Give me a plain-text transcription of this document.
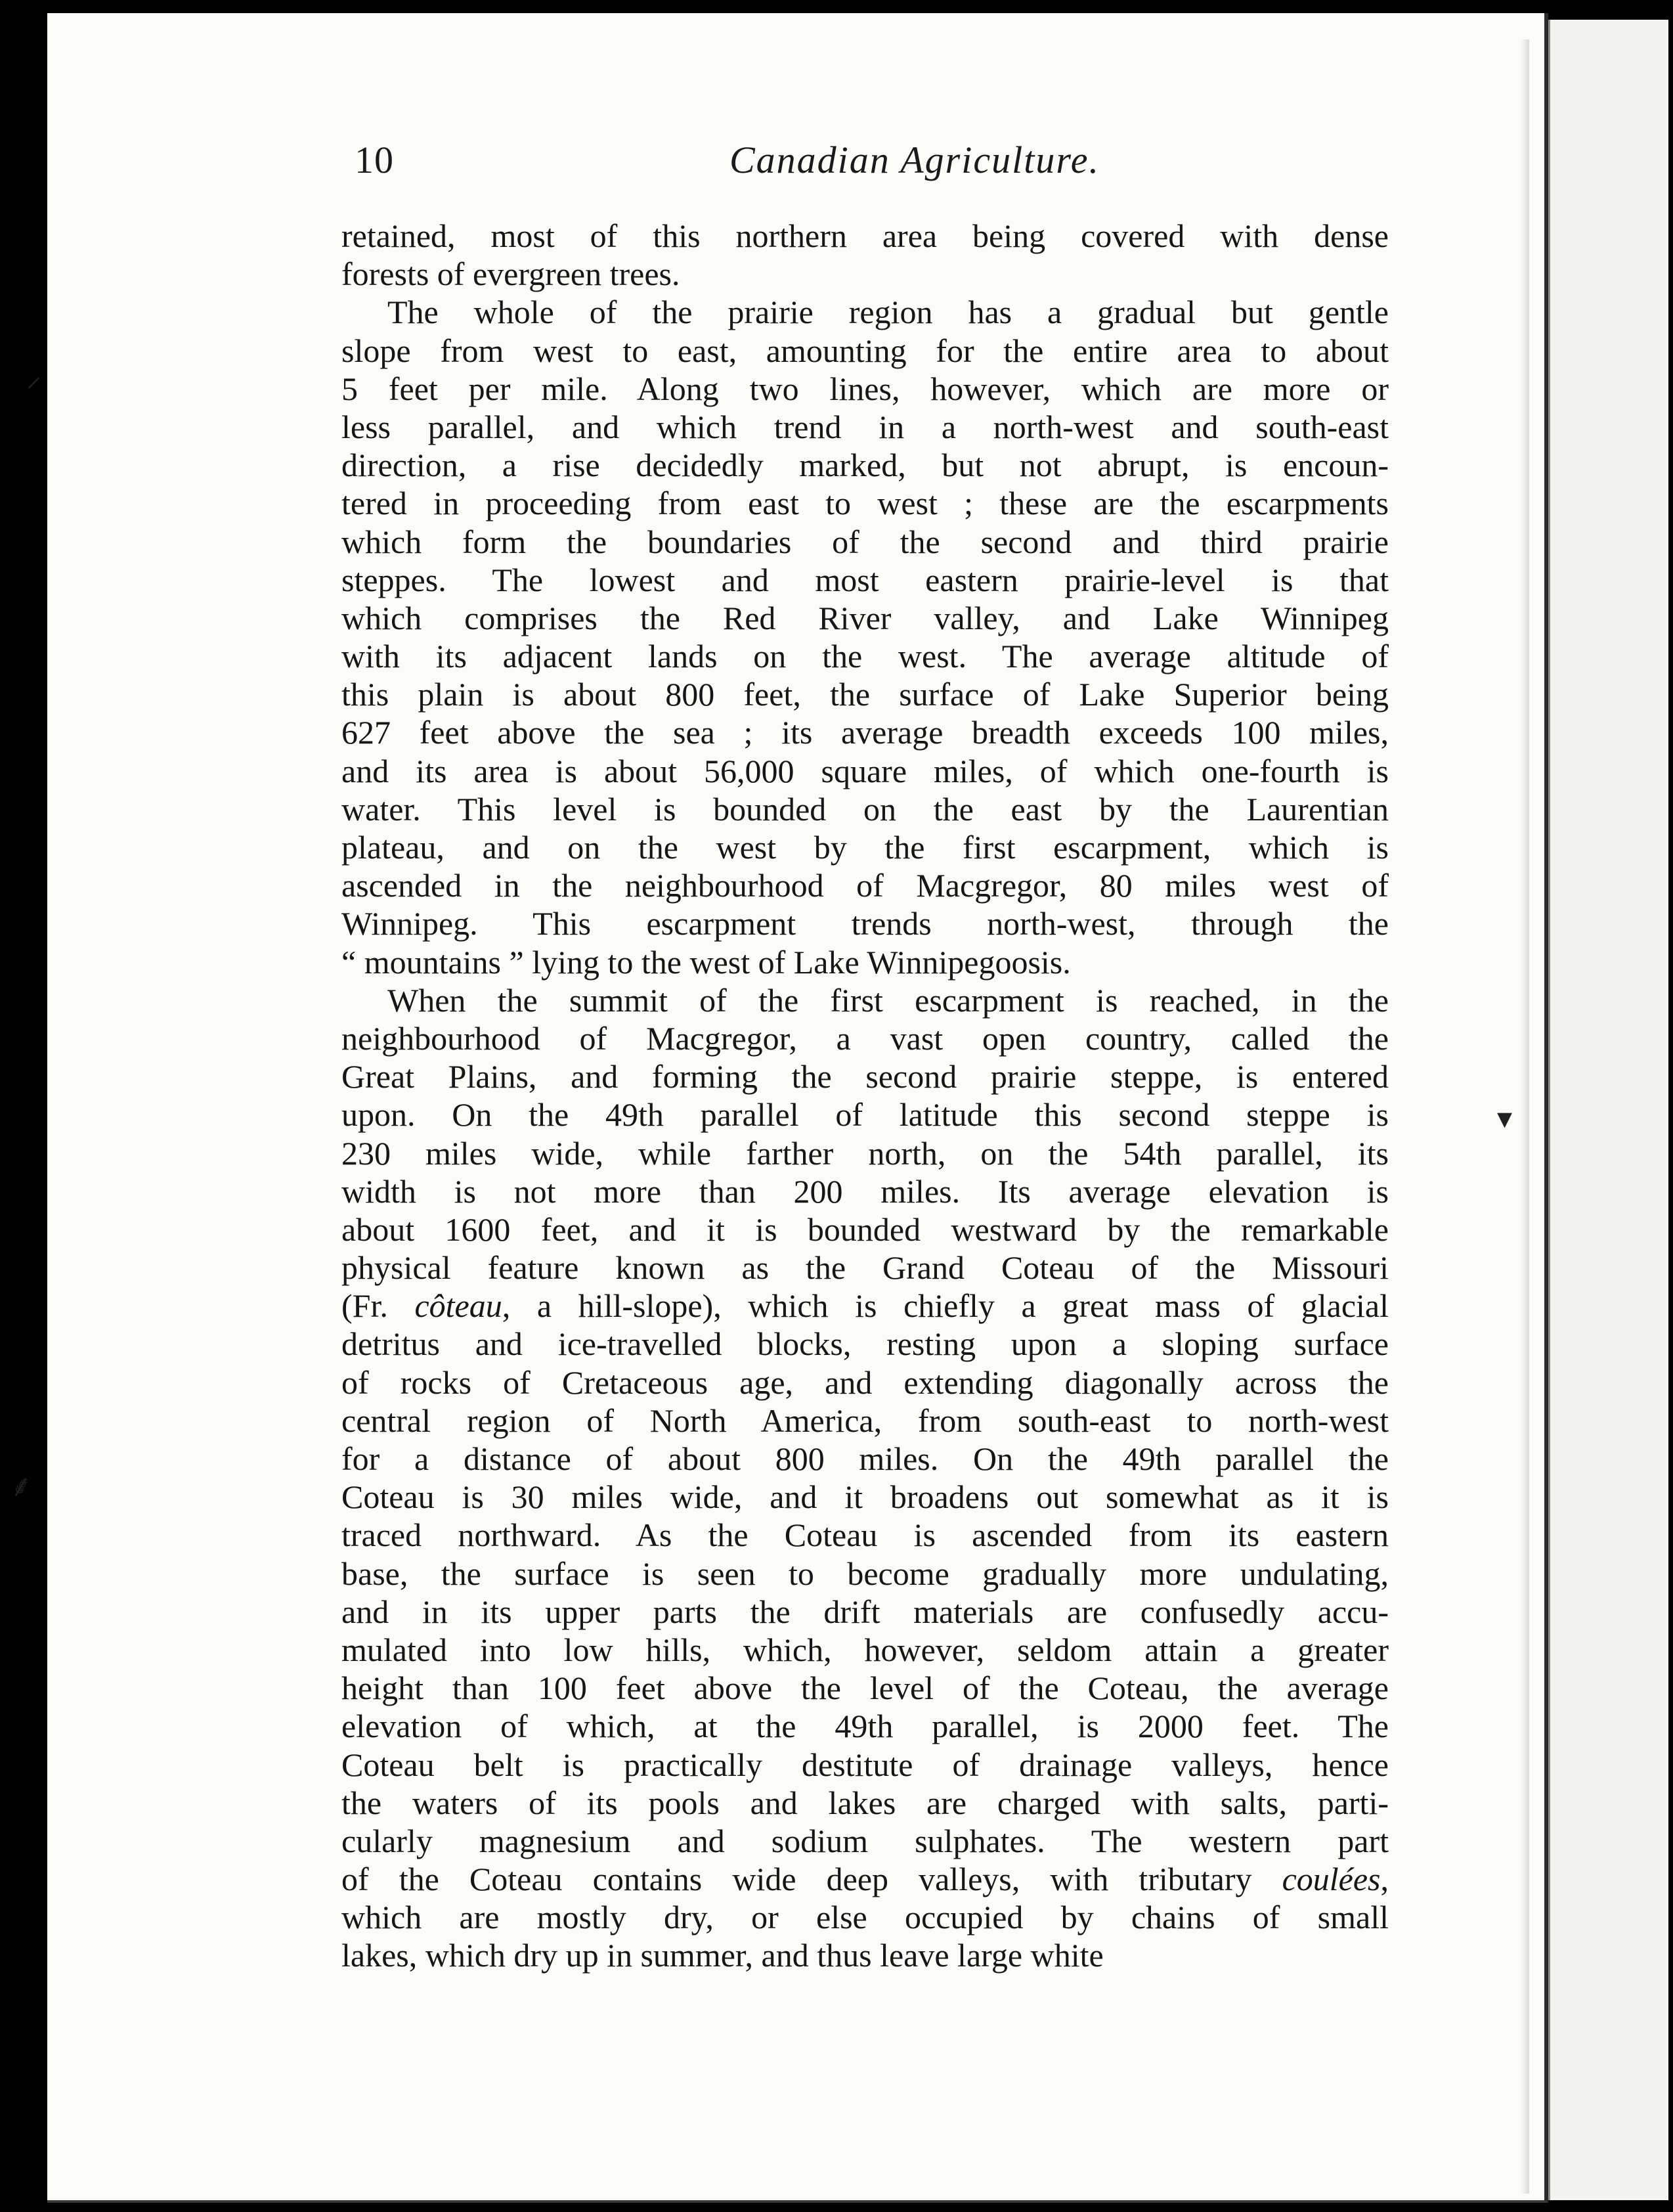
10	Canadian Agriculture.
retained, most of this northern area being covered with dense
forests of evergreen trees.
The whole of the prairie region has a gradual but gentle
slope from west to east, amounting for the entire area to about
5 feet per mile. Along two lines, however, which are more or
less parallel, and which trend in a north-west and south-east
direction, a rise decidedly marked, but not abrupt, is encoun-
tered in proceeding from east to west ; these are the escarpments
which form the boundaries of the second and third prairie
steppes. The lowest and most eastern prairie-level is that
which comprises the Red River valley, and Lake Winnipeg
with its adjacent lands on the west. The average altitude of
this plain is about 800 feet, the surface of Lake Superior being
627 feet above the sea ; its average breadth exceeds 100 miles,
and its area is about 56,000 square miles, of which one-fourth is
water. This level is bounded on the east by the Laurentian
plateau, and on the west by the first escarpment, which is
ascended in the neighbourhood of Macgregor, 80 miles west of
Winnipeg. This escarpment trends north-west, through the
“ mountains ” lying to the west of Lake Winnipegoosis.
When the summit of the first escarpment is reached, in the
neighbourhood of Macgregor, a vast open country, called the
Great Plains, and forming the second prairie steppe, is entered
upon. On the 49th parallel of latitude this second steppe is
230 miles wide, while farther north, on the 54th parallel, its
width is not more than 200 miles. Its average elevation is
about 1600 feet, and it is bounded westward by the remarkable
physical feature known as the Grand Coteau of the Missouri
(Fr. côteau, a hill-slope), which is chiefly a great mass of glacial
detritus and ice-travelled blocks, resting upon a sloping surface
of rocks of Cretaceous age, and extending diagonally across the
central region of North America, from south-east to north-west
for a distance of about 800 miles. On the 49th parallel the
Coteau is 30 miles wide, and it broadens out somewhat as it is
traced northward. As the Coteau is ascended from its eastern
base, the surface is seen to become gradually more undulating,
and in its upper parts the drift materials are confusedly accu-
mulated into low hills, which, however, seldom attain a greater
height than 100 feet above the level of the Coteau, the average
elevation of which, at the 49th parallel, is 2000 feet. The
Coteau belt is practically destitute of drainage valleys, hence
the waters of its pools and lakes are charged with salts, parti-
cularly magnesium and sodium sulphates. The western part
of the Coteau contains wide deep valleys, with tributary coulées,
which are mostly dry, or else occupied by chains of small
lakes, which dry up in summer, and thus leave large white
⸝
⸙
▾
